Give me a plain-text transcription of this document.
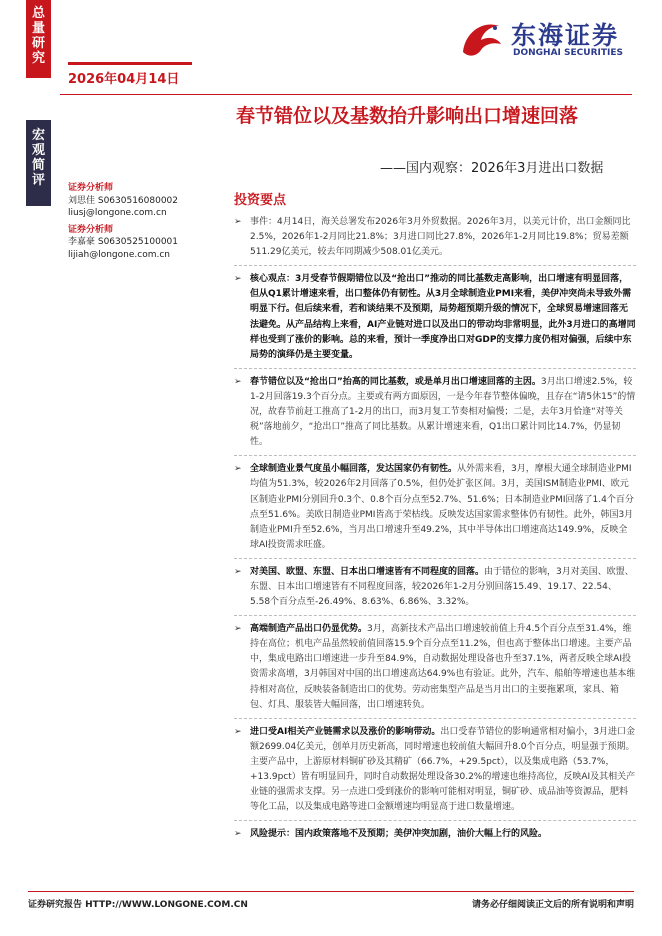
总量研究
宏观简评
2026年04月14日
东海证券
DONGHAI SECURITIES
春节错位以及基数抬升影响出口增速回落
——国内观察：2026年3月进出口数据
证券分析师
刘思佳 S0630516080002
liusj@longone.com.cn
证券分析师
李嘉豪 S0630525100001
lijiah@longone.com.cn
投资要点
➢ 事件：4月14日，海关总署发布2026年3月外贸数据。2026年3月，以美元计价，出口金额同比2.5%，2026年1-2月同比21.8%；3月进口同比27.8%，2026年1-2月同比19.8%；贸易差额511.29亿美元，较去年同期减少508.01亿美元。
➢ 核心观点：3月受春节假期错位以及“抢出口”推动的同比基数走高影响，出口增速有明显回落，但从Q1累计增速来看，出口整体仍有韧性。从3月全球制造业PMI来看，美伊冲突尚未导致外需明显下行。但后续来看，若和谈结果不及预期，局势超预期升级的情况下，全球贸易增速回落无法避免。从产品结构上来看，AI产业链对进口以及出口的带动均非常明显，此外3月进口的高增同样也受到了涨价的影响。总的来看，预计一季度净出口对GDP的支撑力度仍相对偏强，后续中东局势的演绎仍是主要变量。
➢ 春节错位以及“抢出口”抬高的同比基数，或是单月出口增速回落的主因。3月出口增速2.5%，较1-2月回落19.3个百分点。主要或有两方面原因，一是今年春节整体偏晚，且存在“请5休15”的情况，故春节前赶工推高了1-2月的出口，而3月复工节奏相对偏慢；二是，去年3月恰逢“对等关税”落地前夕，“抢出口”推高了同比基数。从累计增速来看，Q1出口累计同比14.7%，仍显韧性。
➢ 全球制造业景气度虽小幅回落，发达国家仍有韧性。从外需来看，3月，摩根大通全球制造业PMI均值为51.3%，较2026年2月回落了0.5%，但仍处扩张区间。3月，美国ISM制造业PMI、欧元区制造业PMI分别回升0.3个、0.8个百分点至52.7%、51.6%；日本制造业PMI回落了1.4个百分点至51.6%。美欧日制造业PMI皆高于荣枯线。反映发达国家需求整体仍有韧性。此外，韩国3月制造业PMI升至52.6%，当月出口增速升至49.2%，其中半导体出口增速高达149.9%，反映全球AI投资需求旺盛。
➢ 对美国、欧盟、东盟、日本出口增速皆有不同程度的回落。由于错位的影响，3月对美国、欧盟、东盟、日本出口增速皆有不同程度回落，较2026年1-2月分别回落15.49、19.17、22.54、5.58个百分点至-26.49%、8.63%、6.86%、3.32%。
➢ 高端制造产品出口仍显优势。3月，高新技术产品出口增速较前值上升4.5个百分点至31.4%，维持在高位；机电产品虽然较前值回落15.9个百分点至11.2%，但也高于整体出口增速。主要产品中，集成电路出口增速进一步升至84.9%，自动数据处理设备也升至37.1%，两者反映全球AI投资需求高增，3月韩国对中国的出口增速高达64.9%也有验证。此外，汽车、船舶等增速也基本维持相对高位，反映装备制造出口的优势。劳动密集型产品是当月出口的主要拖累项，家具、箱包、灯具、服装皆大幅回落，出口增速转负。
➢ 进口受AI相关产业链需求以及涨价的影响带动。出口受春节错位的影响通常相对偏小，3月进口金额2699.04亿美元，创单月历史新高，同时增速也较前值大幅回升8.0个百分点，明显强于预期。主要产品中，上游原材料铜矿砂及其精矿（66.7%，+29.5pct），以及集成电路（53.7%，+13.9pct）皆有明显回升，同时自动数据处理设备30.2%的增速也维持高位，反映AI及其相关产业链的强需求支撑。另一点进口受到涨价的影响可能相对明显，铜矿砂、成品油等资源品，肥料等化工品，以及集成电路等进口金额增速均明显高于进口数量增速。
➢ 风险提示：国内政策落地不及预期；美伊冲突加剧，油价大幅上行的风险。
证券研究报告 HTTP://WWW.LONGONE.COM.CN	请务必仔细阅读正文后的所有说明和声明
